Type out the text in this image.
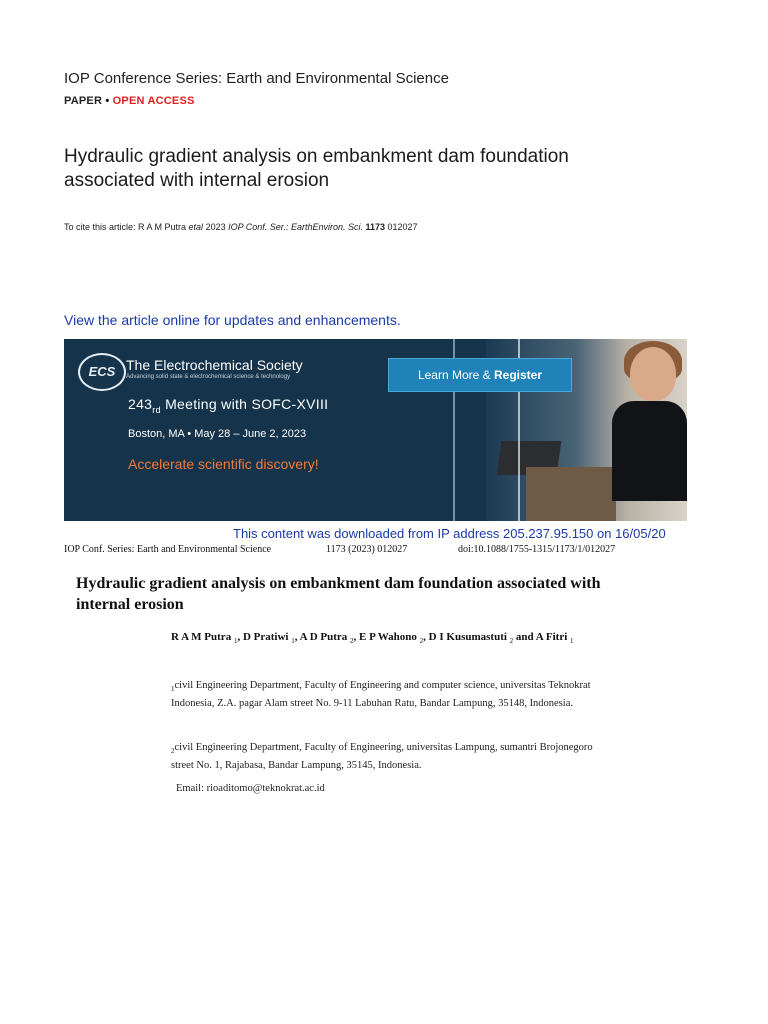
IOP Conference Series: Earth and Environmental Science
PAPER • OPEN ACCESS
Hydraulic gradient analysis on embankment dam foundation associated with internal erosion
To cite this article: R A M Putra etal 2023 IOP Conf. Ser.: EarthEnviron. Sci. 1173 012027
View the article online for updates and enhancements.
ECS The Electrochemical Society
Advancing solid state & electrochemical science & technology
$243_{rd}$ Meeting with SOFC-XVIII
Boston, MA • May 28 – June 2, 2023
Accelerate scientific discovery!
Learn More & Register
This content was downloaded from IP address 205.237.95.150 on 16/05/20
IOP Conf. Series: Earth and Environmental Science	1173 (2023) 012027	doi:10.1088/1755-1315/1173/1/012027
Hydraulic gradient analysis on embankment dam foundation associated with internal erosion
R A M Putra $_1$, D Pratiwi $_1$, A D Putra $_2$, E P Wahono $_2$, D I Kusumastuti $_2$ and A Fitri $_1$
$_1$civil Engineering Department, Faculty of Engineering and computer science, universitas Teknokrat Indonesia, Z.A. pagar Alam street No. 9-11 Labuhan Ratu, Bandar Lampung, 35148, Indonesia.
$_2$civil Engineering Department, Faculty of Engineering, universitas Lampung, sumantri Brojonegoro street No. 1, Rajabasa, Bandar Lampung, 35145, Indonesia.
Email: rioaditomo@teknokrat.ac.id
